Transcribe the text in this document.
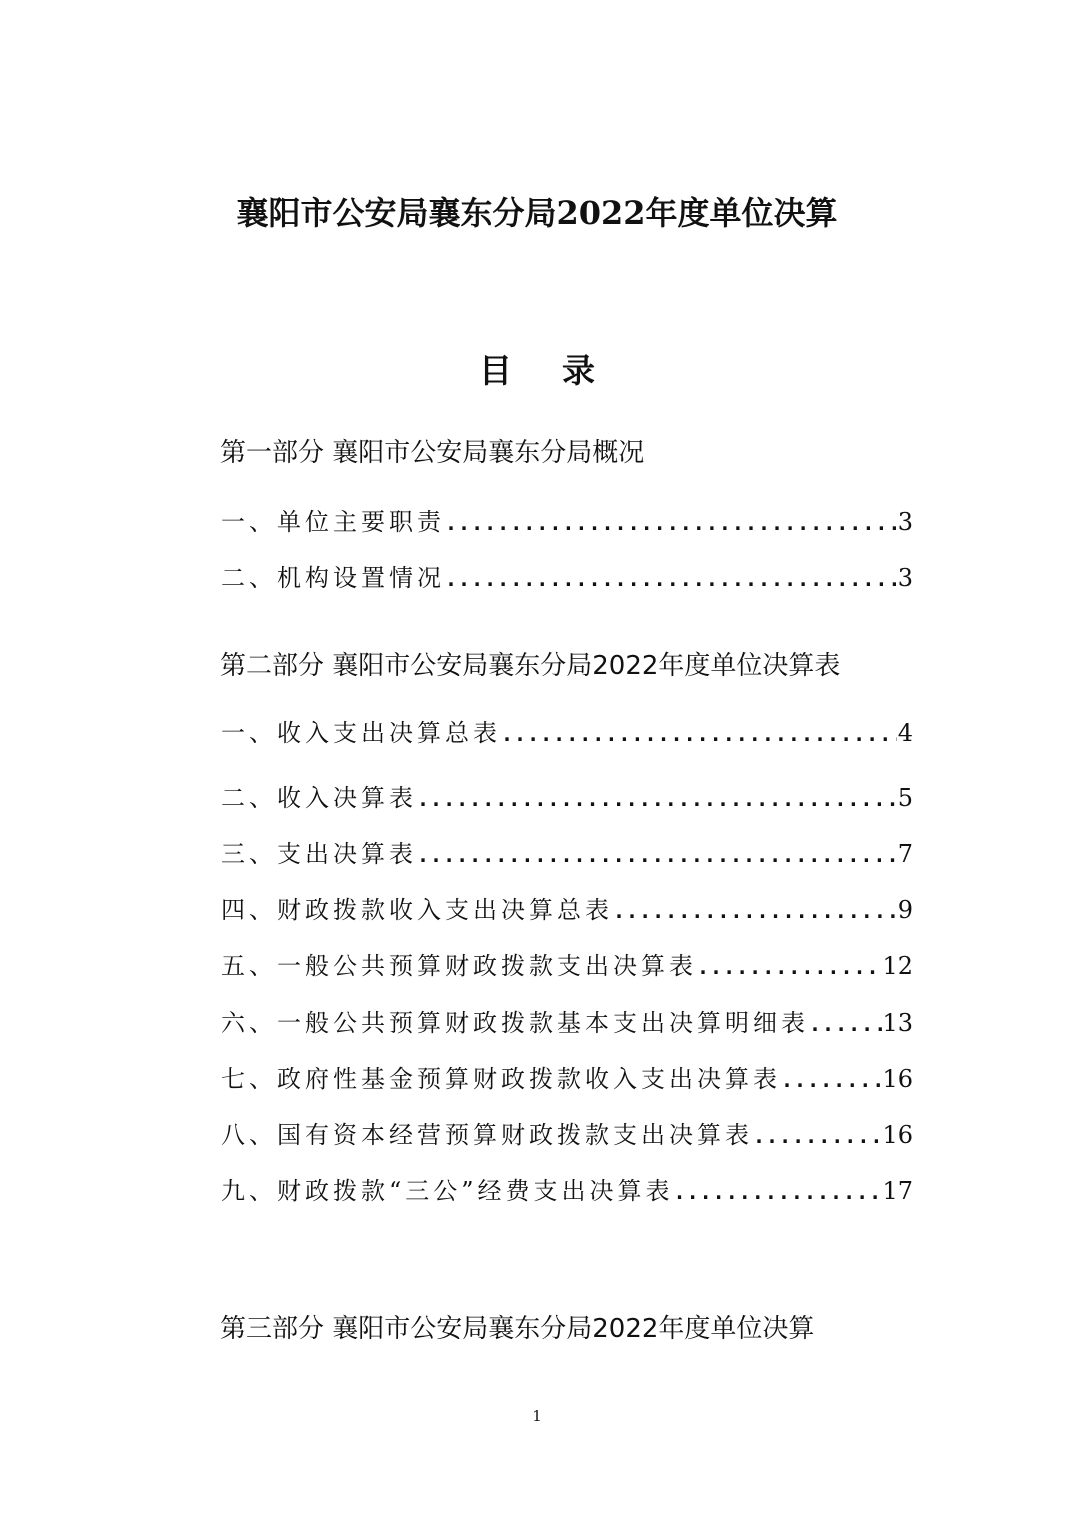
襄阳市公安局襄东分局2022年度单位决算
目录
第一部分 襄阳市公安局襄东分局概况
一、单位主要职责 .....	3
二、机构设置情况 .....	3
第二部分 襄阳市公安局襄东分局2022年度单位决算表
一、收入支出决算总表 .....	4
二、收入决算表 .....	5
三、支出决算表 .....	7
四、财政拨款收入支出决算总表 .....	9
五、一般公共预算财政拨款支出决算表 .....	12
六、一般公共预算财政拨款基本支出决算明细表 .....	13
七、政府性基金预算财政拨款收入支出决算表 .....	16
八、国有资本经营预算财政拨款支出决算表 .....	16
九、财政拨款“三公”经费支出决算表 .....	17
第三部分 襄阳市公安局襄东分局2022年度单位决算
1
